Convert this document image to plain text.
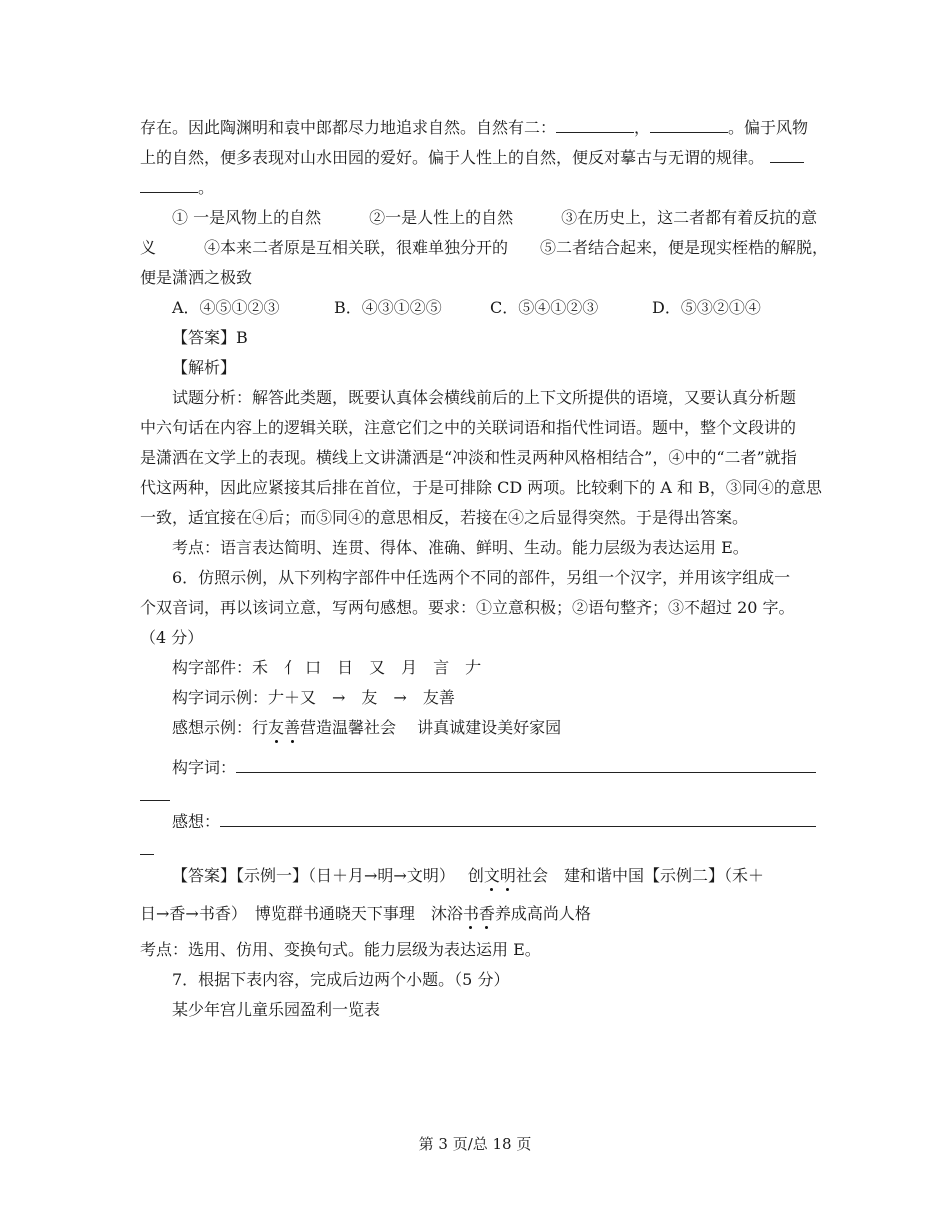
存在。因此陶渊明和袁中郎都尽力地追求自然。自然有二：	，	。偏于风物
上的自然，便多表现对山水田园的爱好。偏于人性上的自然，便反对摹古与无谓的规律。
。
① 一是风物上的自然　　　②一是人性上的自然　　　③在历史上，这二者都有着反抗的意
义　　　④本来二者原是互相关联，很难单独分开的　　⑤二者结合起来，便是现实桎梏的解脱，
便是潇洒之极致
A．④⑤①②③	B．④③①②⑤	C．⑤④①②③	D．⑤③②①④
【答案】B
【解析】
试题分析：解答此类题，既要认真体会横线前后的上下文所提供的语境，又要认真分析题
中六句话在内容上的逻辑关联，注意它们之中的关联词语和指代性词语。题中，整个文段讲的
是潇洒在文学上的表现。横线上文讲潇洒是“冲淡和性灵两种风格相结合”，④中的“二者”就指
代这两种，因此应紧接其后排在首位，于是可排除 CD 两项。比较剩下的 A 和 B，③同④的意思
一致，适宜接在④后；而⑤同④的意思相反，若接在④之后显得突然。于是得出答案。
考点：语言表达简明、连贯、得体、准确、鲜明、生动。能力层级为表达运用 E。
6．仿照示例，从下列构字部件中任选两个不同的部件，另组一个汉字，并用该字组成一
个双音词，再以该词立意，写两句感想。要求：①立意积极；②语句整齐；③不超过 20 字。
（4 分）
构字部件：禾　亻 口　日　又　月　言　𠂇
构字词示例：𠂇＋又　→　友　→　友善
感想示例：行友善营造温馨社会　 讲真诚建设美好家园
构字词：
感想：
【答案】【示例一】（日＋月→明→文明）　 创文明社会　建和谐中国【示例二】（禾＋
日→香→书香）　博览群书通晓天下事理　沐浴书香养成高尚人格
考点：选用、仿用、变换句式。能力层级为表达运用 E。
7．根据下表内容，完成后边两个小题。（5 分）
某少年宫儿童乐园盈利一览表
第 3 页/总 18 页
